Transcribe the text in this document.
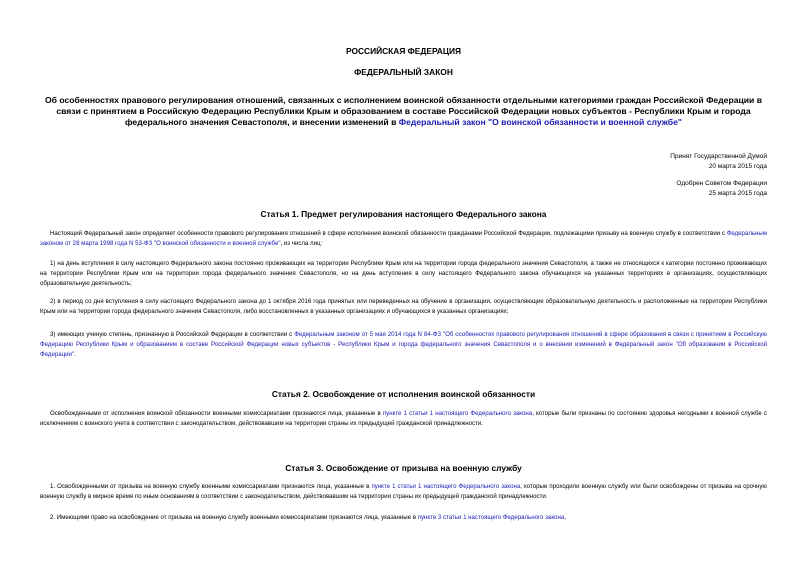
РОССИЙСКАЯ ФЕДЕРАЦИЯ
ФЕДЕРАЛЬНЫЙ ЗАКОН
Об особенностях правового регулирования отношений, связанных с исполнением воинской обязанности отдельными категориями граждан Российской Федерации в связи с принятием в Российскую Федерацию Республики Крым и образованием в составе Российской Федерации новых субъектов - Республики Крым и города федерального значения Севастополя, и внесении изменений в Федеральный закон "О воинской обязанности и военной службе"
Принят Государственной Думой
20 марта 2015 года
Одобрен Советом Федерации
25 марта 2015 года
Статья 1. Предмет регулирования настоящего Федерального закона

Настоящий Федеральный закон определяет особенности правового регулирования отношений в сфере исполнения воинской обязанности гражданами Российской Федерации, подлежащими призыву на военную службу в соответствии с Федеральным законом от 28 марта 1998 года N 53-ФЗ "О воинской обязанности и военной службе", из числа лиц:

1) на день вступления в силу настоящего Федерального закона постоянно проживающих на территории Республики Крым или на территории города федерального значения Севастополя, а также не относящихся к категории постоянно проживающих на территории Республики Крым или на территории города федерального значения Севастополя, но на день вступления в силу настоящего Федерального закона обучающихся на указанных территориях в организациях, осуществляющих образовательную деятельность;

2) в период со дня вступления в силу настоящего Федерального закона до 1 октября 2016 года принятых или переведенных на обучение в организации, осуществляющие образовательную деятельность и расположенные на территории Республики Крым или на территории города федерального значения Севастополя, либо восстановленных в указанных организациях и обучающихся в указанных организациях;

3) имеющих ученую степень, признанную в Российской Федерации в соответствии с Федеральным законом от 5 мая 2014 года N 84-ФЗ "Об особенностях правового регулирования отношений в сфере образования в связи с принятием в Российскую Федерацию Республики Крым и образованием в составе Российской Федерации новых субъектов - Республики Крым и города федерального значения Севастополя и о внесении изменений в Федеральный закон "Об образовании в Российской Федерации".

Статья 2. Освобождение от исполнения воинской обязанности

Освобожденными от исполнения воинской обязанности военными комиссариатами признаются лица, указанные в пункте 1 статьи 1 настоящего Федерального закона, которые были признаны по состоянию здоровья негодными к военной службе с исключением с воинского учета в соответствии с законодательством, действовавшим на территории страны их предыдущей гражданской принадлежности.

Статья 3. Освобождение от призыва на военную службу

1. Освобожденными от призыва на военную службу военными комиссариатами признаются лица, указанные в пункте 1 статьи 1 настоящего Федерального закона, которые проходили военную службу или были освобождены от призыва на срочную военную службу в мирное время по иным основаниям в соответствии с законодательством, действовавшим на территории страны их предыдущей гражданской принадлежности.

2. Имеющими право на освобождение от призыва на военную службу военными комиссариатами признаются лица, указанные в пункте 3 статьи 1 настоящего Федерального закона,
